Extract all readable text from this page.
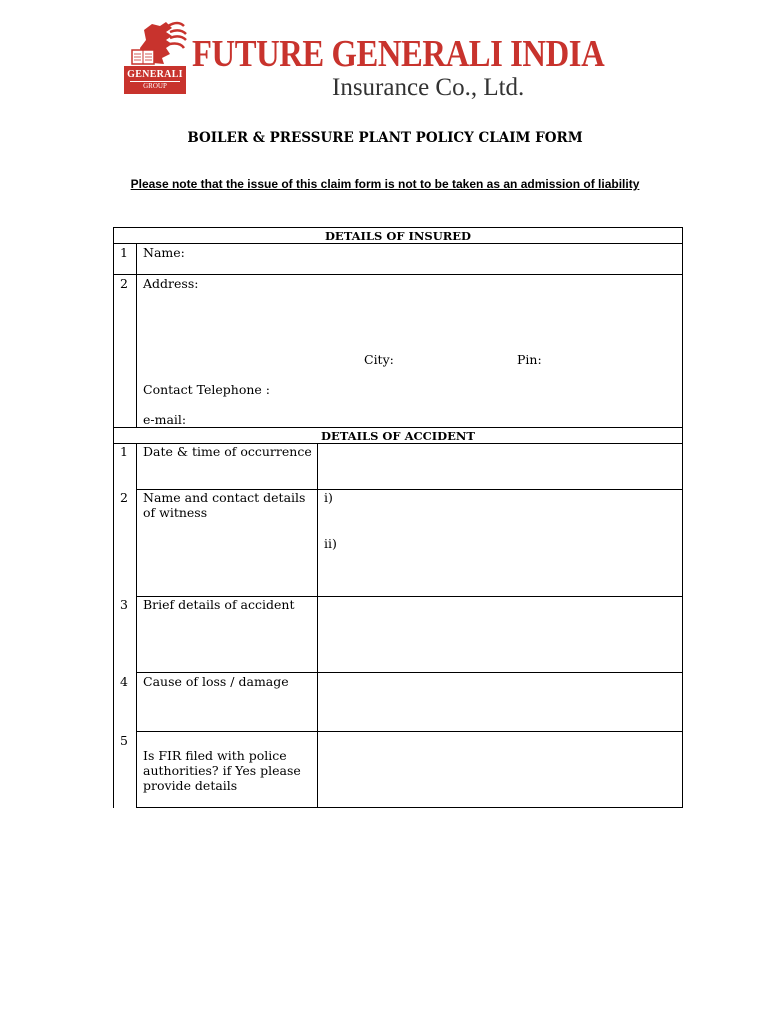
GENERALI
GROUP
FUTURE GENERALI INDIA
Insurance Co., Ltd.
BOILER & PRESSURE PLANT POLICY CLAIM FORM
Please note that the issue of this claim form is not to be taken as an admission of liability
DETAILS OF INSURED
1 Name:
2 Address:
City:	Pin:
Contact Telephone :
e-mail:
DETAILS OF ACCIDENT
1 Date & time of occurrence
2 Name and contact details of witness
i)
ii)
3 Brief details of accident
4 Cause of loss / damage
5
Is FIR filed with police authorities? if Yes please provide details
